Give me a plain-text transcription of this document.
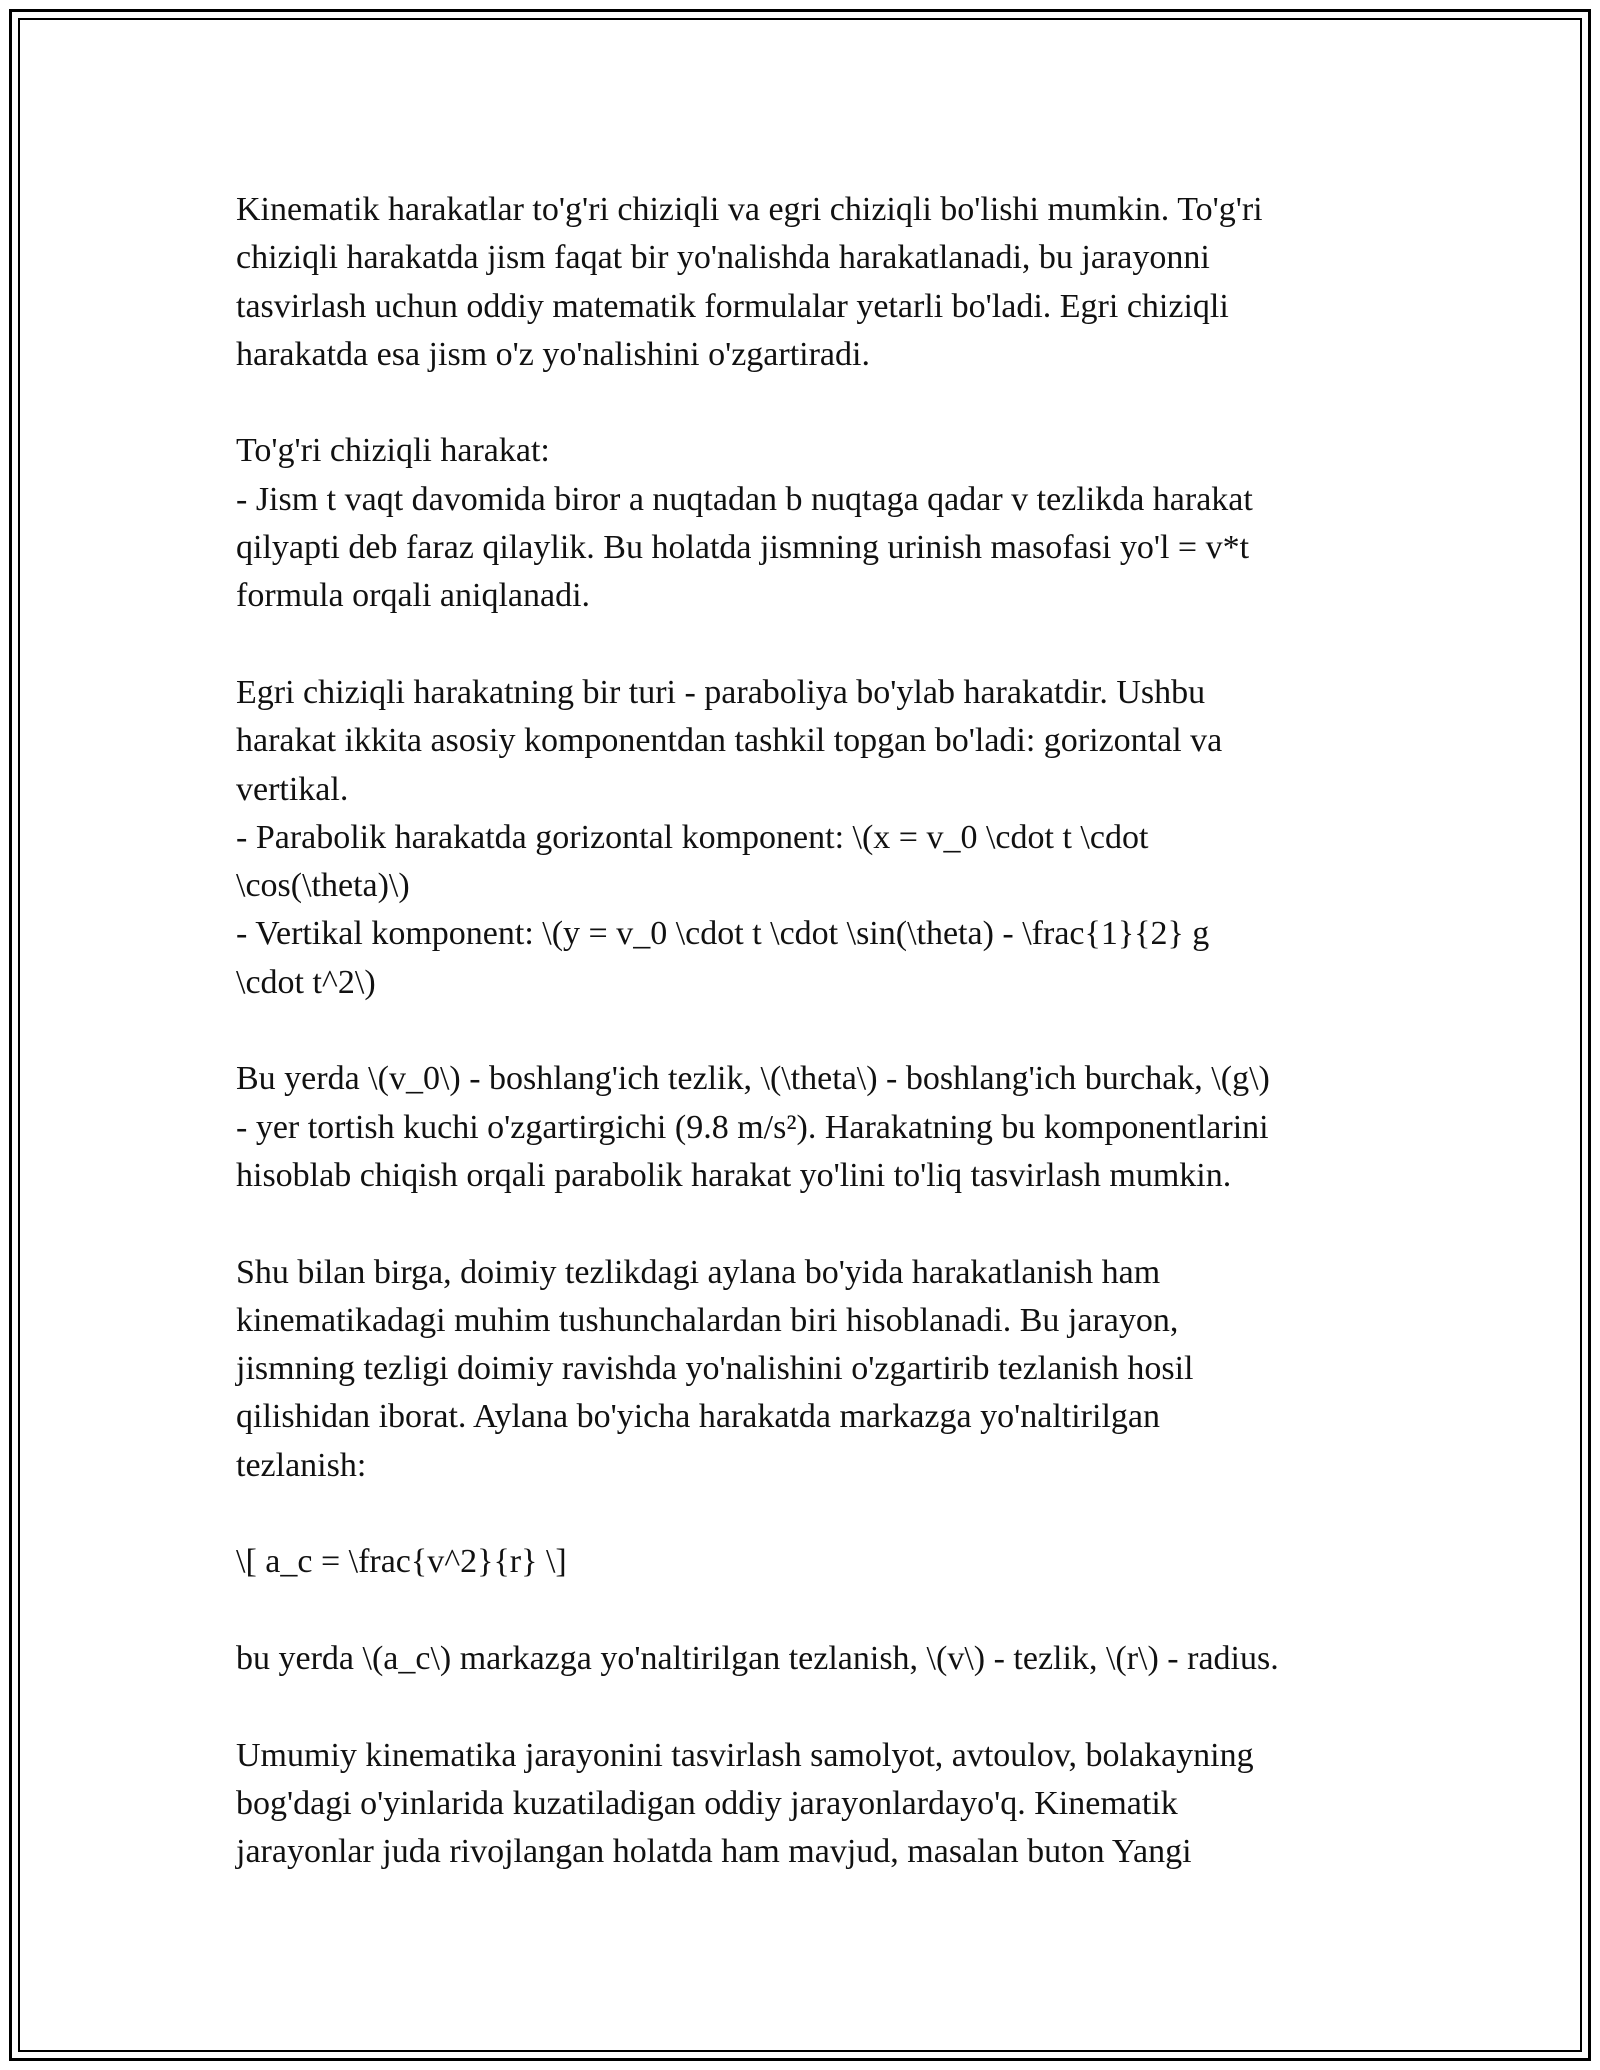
Kinematik harakatlar to'g'ri chiziqli va egri chiziqli bo'lishi mumkin. To'g'ri
chiziqli harakatda jism faqat bir yo'nalishda harakatlanadi, bu jarayonni
tasvirlash uchun oddiy matematik formulalar yetarli bo'ladi. Egri chiziqli
harakatda esa jism o'z yo'nalishini o'zgartiradi.

To'g'ri chiziqli harakat:
- Jism t vaqt davomida biror a nuqtadan b nuqtaga qadar v tezlikda harakat
qilyapti deb faraz qilaylik. Bu holatda jismning urinish masofasi yo'l = v*t
formula orqali aniqlanadi.

Egri chiziqli harakatning bir turi - paraboliya bo'ylab harakatdir. Ushbu
harakat ikkita asosiy komponentdan tashkil topgan bo'ladi: gorizontal va
vertikal.
- Parabolik harakatda gorizontal komponent: \(x = v_0 \cdot t \cdot
\cos(\theta)\)
- Vertikal komponent: \(y = v_0 \cdot t \cdot \sin(\theta) - \frac{1}{2} g
\cdot t^2\)

Bu yerda \(v_0\) - boshlang'ich tezlik, \(\theta\) - boshlang'ich burchak, \(g\)
- yer tortish kuchi o'zgartirgichi (9.8 m/s²). Harakatning bu komponentlarini
hisoblab chiqish orqali parabolik harakat yo'lini to'liq tasvirlash mumkin.

Shu bilan birga, doimiy tezlikdagi aylana bo'yida harakatlanish ham
kinematikadagi muhim tushunchalardan biri hisoblanadi. Bu jarayon,
jismning tezligi doimiy ravishda yo'nalishini o'zgartirib tezlanish hosil
qilishidan iborat. Aylana bo'yicha harakatda markazga yo'naltirilgan
tezlanish:

\[ a_c = \frac{v^2}{r} \]

bu yerda \(a_c\) markazga yo'naltirilgan tezlanish, \(v\) - tezlik, \(r\) - radius.

Umumiy kinematika jarayonini tasvirlash samolyot, avtoulov, bolakayning
bog'dagi o'yinlarida kuzatiladigan oddiy jarayonlardayo'q. Kinematik
jarayonlar juda rivojlangan holatda ham mavjud, masalan buton Yangi
